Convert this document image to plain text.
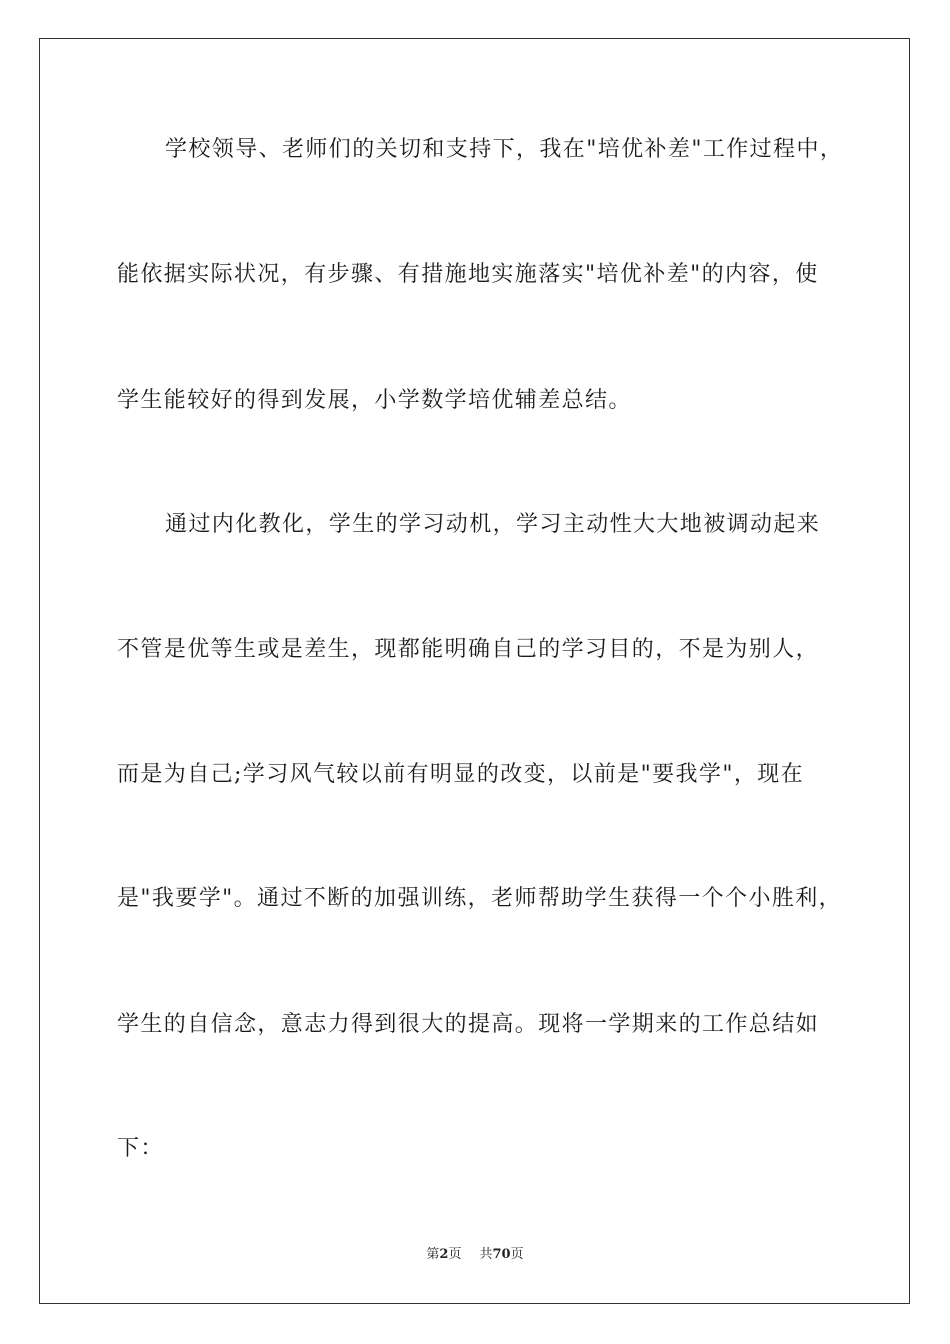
学校领导、老师们的关切和支持下，我在"培优补差"工作过程中，
能依据实际状况，有步骤、有措施地实施落实"培优补差"的内容，使
学生能较好的得到发展，小学数学培优辅差总结。
通过内化教化，学生的学习动机，学习主动性大大地被调动起来
不管是优等生或是差生，现都能明确自己的学习目的，不是为别人，
而是为自己;学习风气较以前有明显的改变，以前是"要我学"，现在
是"我要学"。通过不断的加强训练，老师帮助学生获得一个个小胜利，
学生的自信念，意志力得到很大的提高。现将一学期来的工作总结如
下：
第2页 共70页
